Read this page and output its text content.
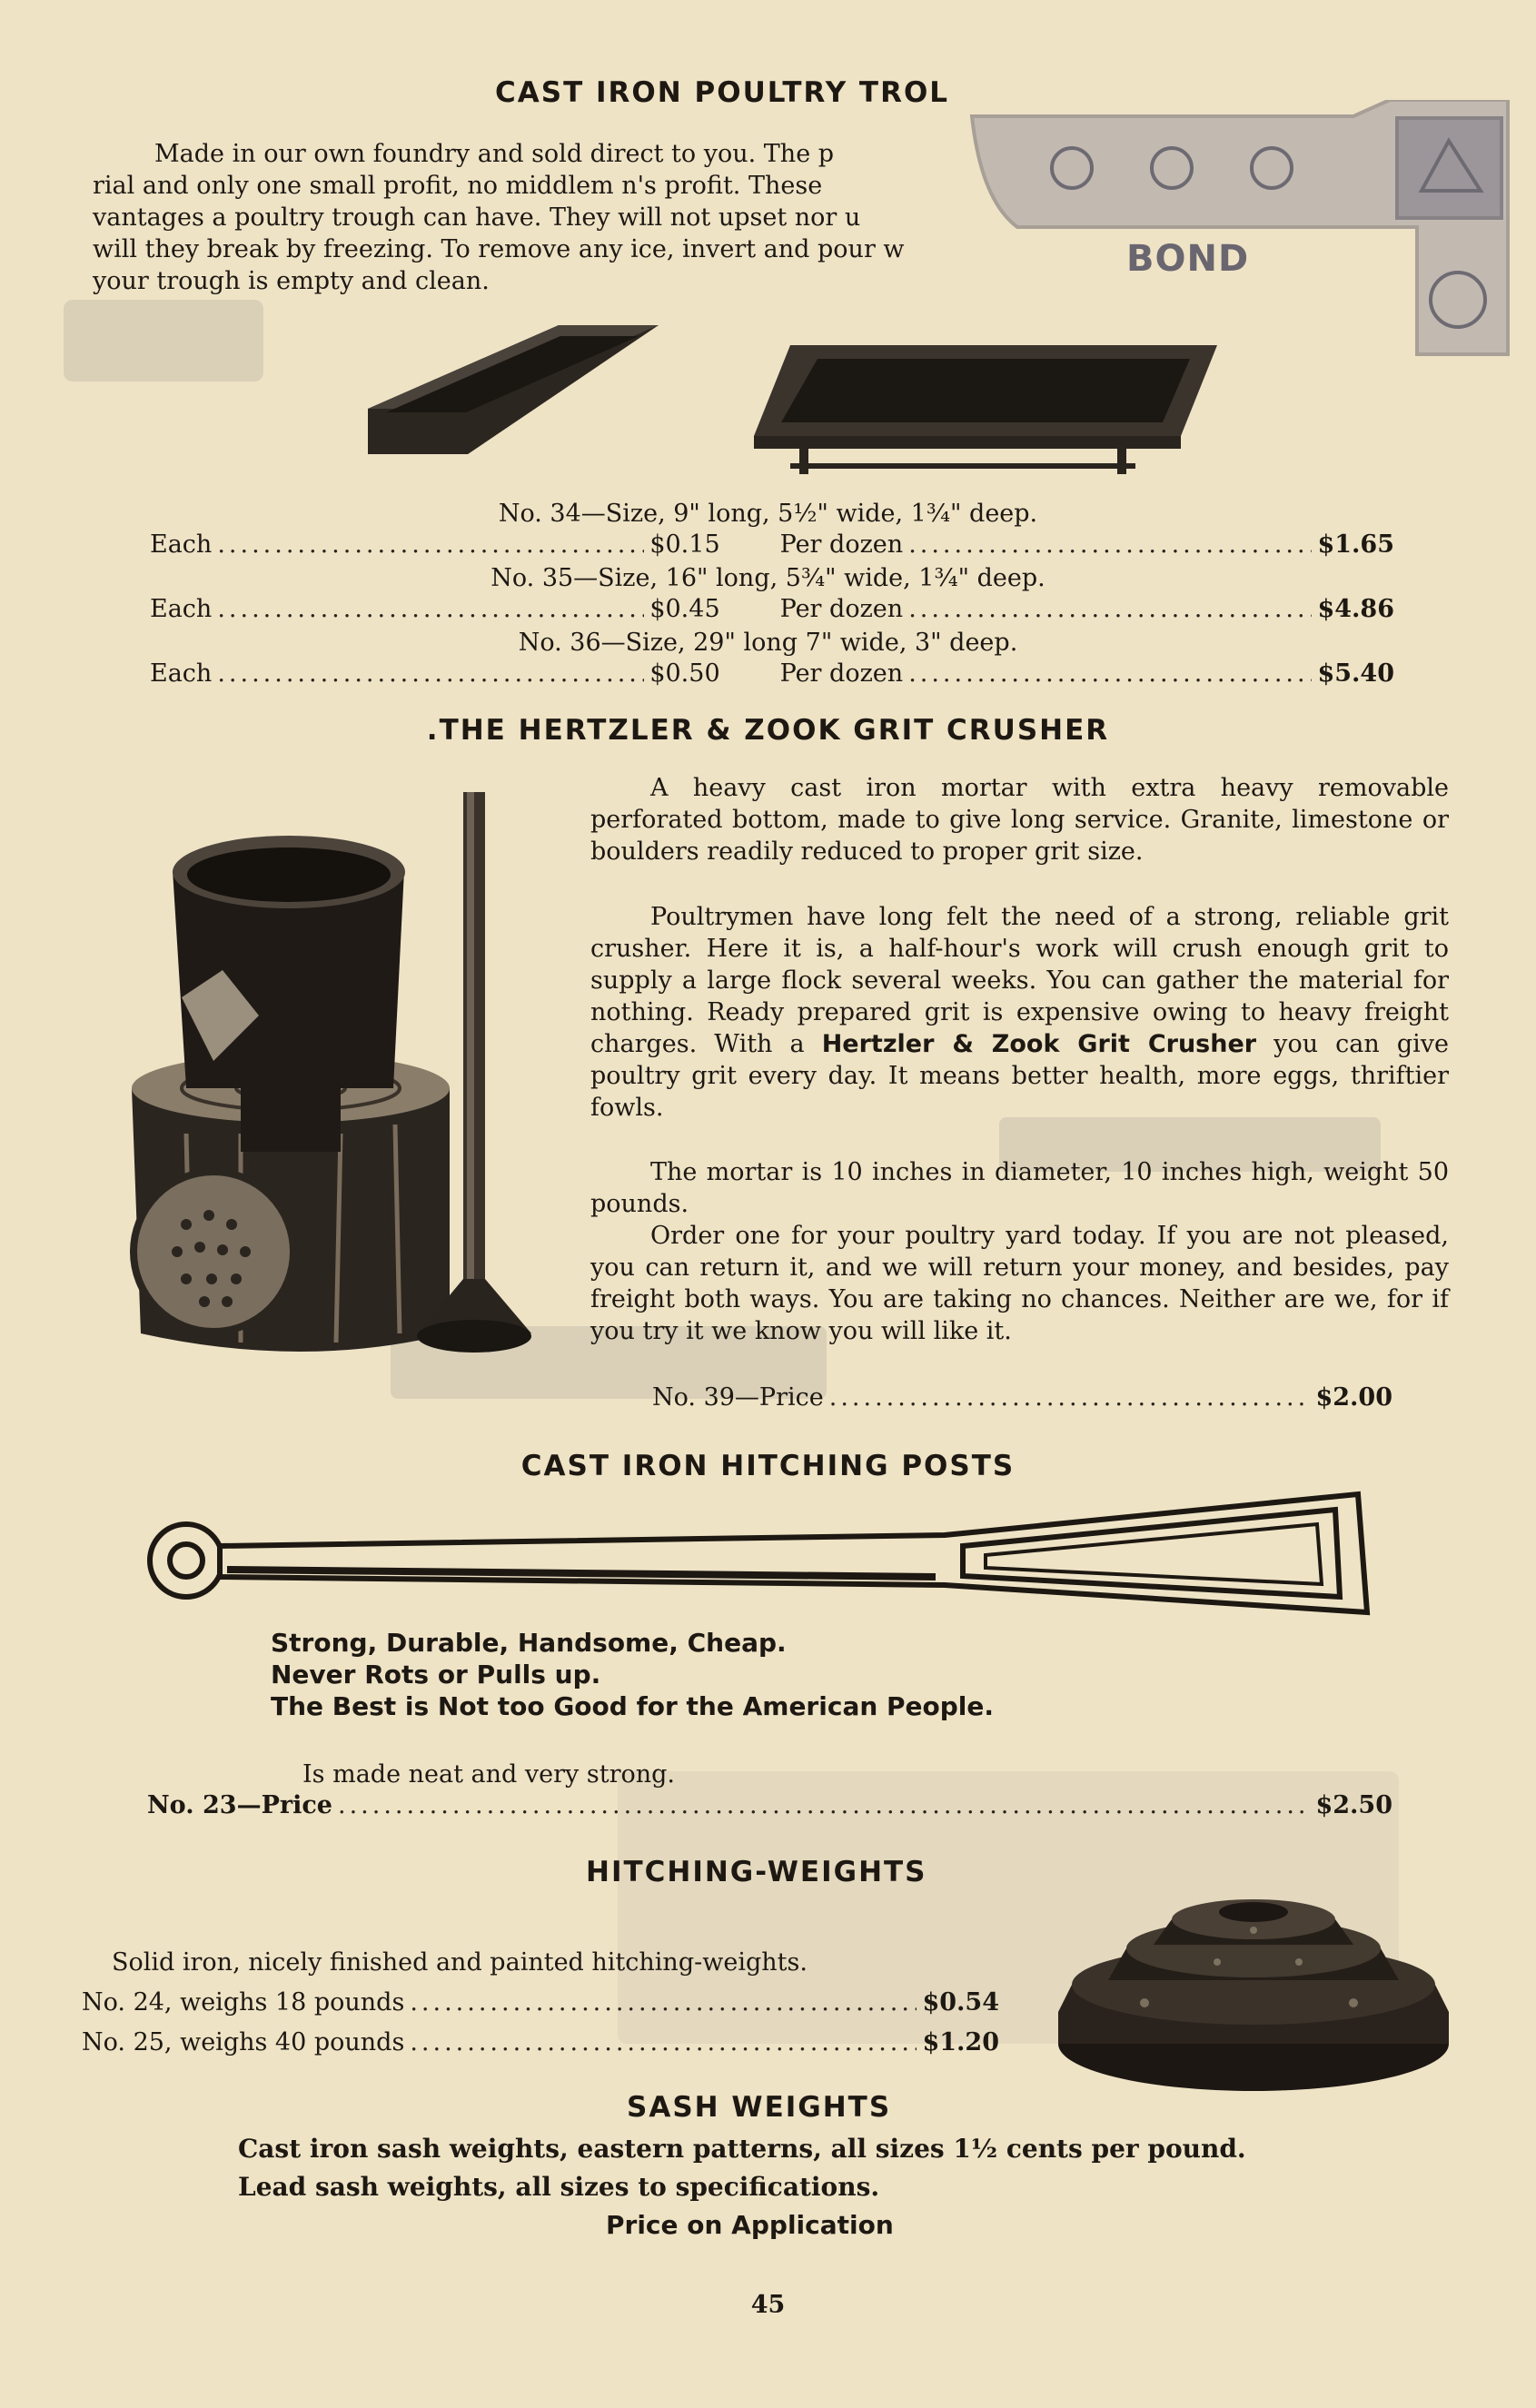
BOND
CAST IRON POULTRY TROL
Made in our own foundry and sold direct to you. The p
rial and only one small profit, no middlem n's profit. These
vantages a poultry trough can have. They will not upset nor u
will they break by freezing. To remove any ice, invert and pour w
your trough is empty and clean.
No. 34—Size, 9" long, 5½" wide, 1¾" deep.
Each .....	$0.15 Per dozen .....	$1.65
No. 35—Size, 16" long, 5¾" wide, 1¾" deep.
Each .....	$0.45 Per dozen .....	$4.86
No. 36—Size, 29" long 7" wide, 3" deep.
Each .....	$0.50 Per dozen .....	$5.40
.THE HERTZLER & ZOOK GRIT CRUSHER
A heavy cast iron mortar with extra heavy removable perforated bottom, made to give long service. Granite, limestone or boulders readily reduced to proper grit size.
Poultrymen have long felt the need of a strong, reliable grit crusher. Here it is, a half-hour's work will crush enough grit to supply a large flock several weeks. You can gather the material for nothing. Ready prepared grit is expensive owing to heavy freight charges. With a Hertzler & Zook Grit Crusher you can give poultry grit every day. It means better health, more eggs, thriftier fowls.
The mortar is 10 inches in diameter, 10 inches high, weight 50 pounds.
Order one for your poultry yard today. If you are not pleased, you can return it, and we will return your money, and besides, pay freight both ways. You are taking no chances. Neither are we, for if you try it we know you will like it.
No. 39—Price .....	$2.00
CAST IRON HITCHING POSTS
Strong, Durable, Handsome, Cheap.
Never Rots or Pulls up.
The Best is Not too Good for the American People.
Is made neat and very strong.
No. 23—Price .....	$2.50
HITCHING-WEIGHTS
Solid iron, nicely finished and painted hitching-weights.
No. 24, weighs 18 pounds .....	$0.54
No. 25, weighs 40 pounds .....	$1.20
SASH WEIGHTS
Cast iron sash weights, eastern patterns, all sizes 1½ cents per pound.
Lead sash weights, all sizes to specifications.
Price on Application
45
